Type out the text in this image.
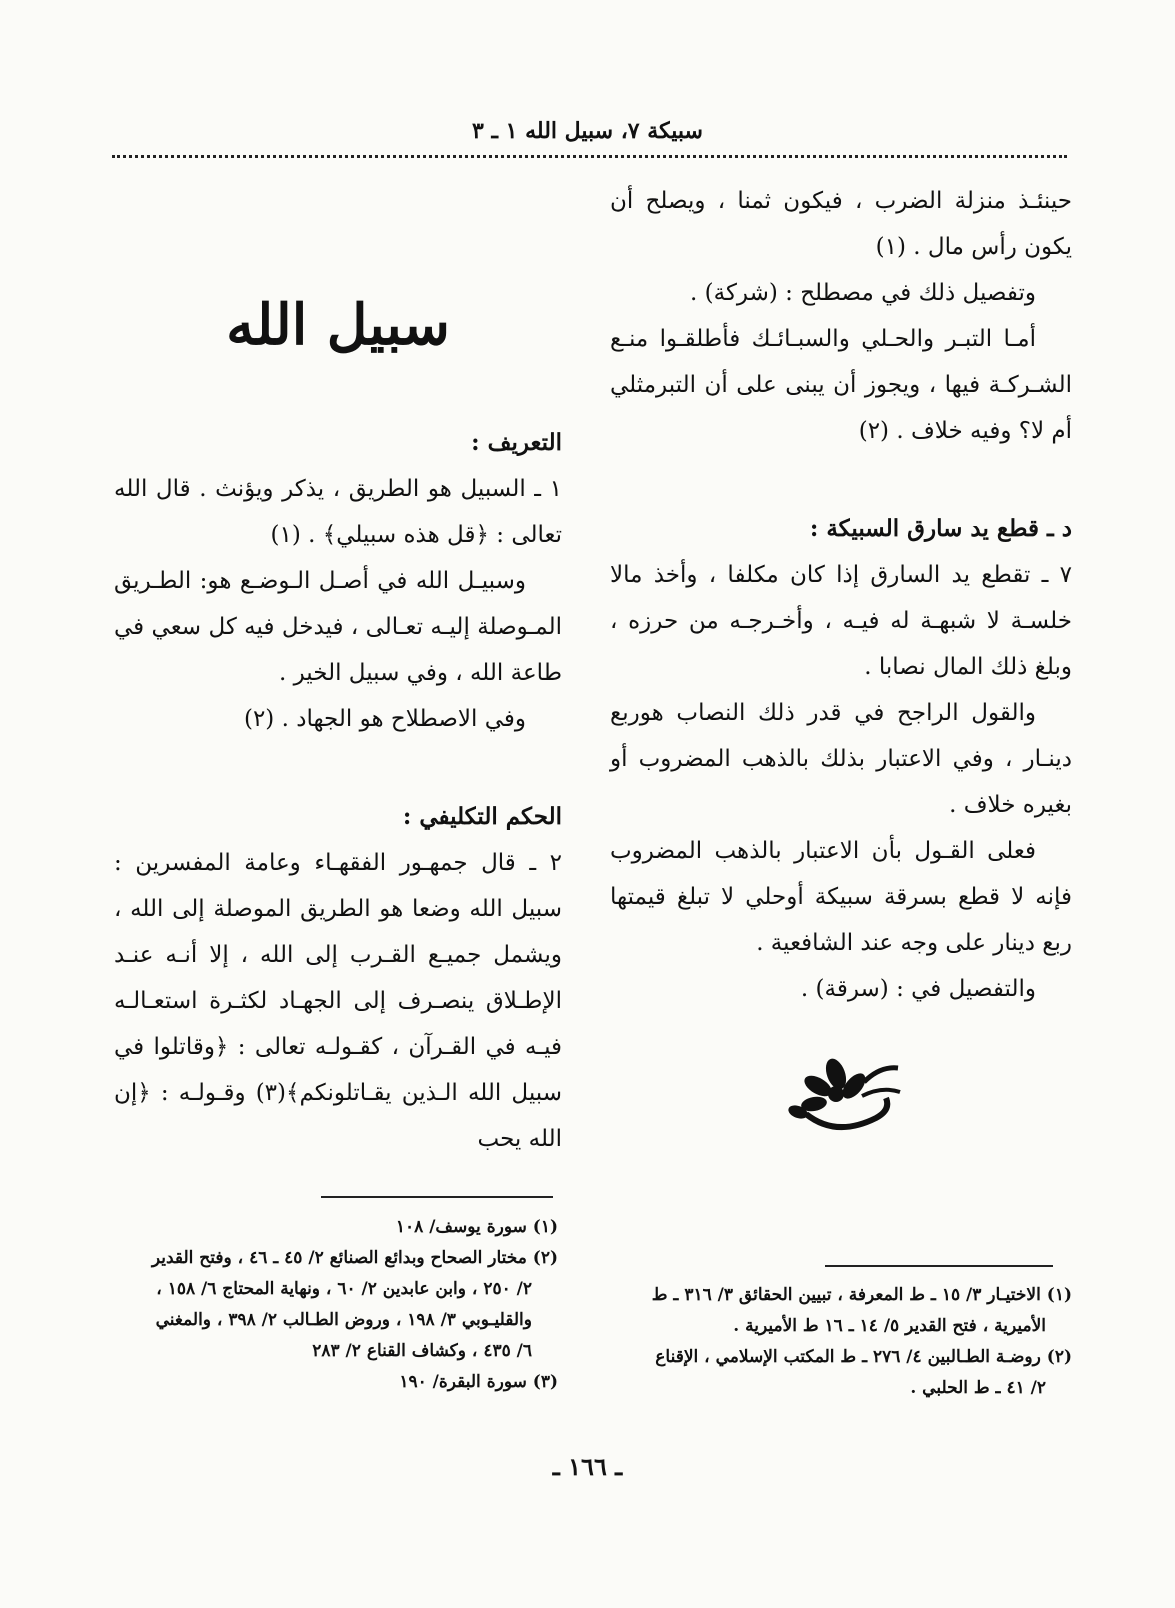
سبيكة ٧، سبيل الله ١ ـ ٣

حينئـذ منزلة الضرب ، فيكون ثمنا ، ويصلح أن يكون رأس مال . (١)

وتفصيل ذلك في مصطلح : (شركة) .

أمـا التبـر والحـلي والسبـائـك فأطلقـوا منـع الشـركـة فيها ، ويجوز أن يبنى على أن التبرمثلي أم لا؟ وفيه خلاف . (٢)

د ـ قطع يد سارق السبيكة :

٧ ـ تقطع يد السارق إذا كان مكلفا ، وأخذ مالا خلسـة لا شبهـة له فيـه ، وأخـرجـه من حرزه ، وبلغ ذلك المال نصابا .

والقول الراجح في قدر ذلك النصاب هوربع دينـار ، وفي الاعتبار بذلك بالذهب المضروب أو بغيره خلاف .

فعلى القـول بأن الاعتبار بالذهب المضروب فإنه لا قطع بسرقة سبيكة أوحلي لا تبلغ قيمتها ربع دينار على وجه عند الشافعية .

والتفصيل في : (سرقة) .

سبيل الله

التعريف :

١ ـ السبيل هو الطريق ، يذكر ويؤنث . قال الله تعالى : ﴿قل هذه سبيلي﴾ . (١)

وسبيـل الله في أصـل الـوضـع هو: الطـريق المـوصلة إليـه تعـالى ، فيدخل فيه كل سعي في طاعة الله ، وفي سبيل الخير .

وفي الاصطلاح هو الجهاد . (٢)

الحكم التكليفي :

٢ ـ قال جمهـور الفقهـاء وعامة المفسرين : سبيل الله وضعا هو الطريق الموصلة إلى الله ، ويشمل جميـع القـرب إلى الله ، إلا أنـه عنـد الإطـلاق ينصـرف إلى الجهـاد لكثـرة استعـالـه فيـه في القـرآن ، كقـولـه تعالى : ﴿وقاتلوا في سبيل الله الـذين يقـاتلونكم﴾(٣) وقـولـه : ﴿إن الله يحب

(١) سورة يوسف/ ١٠٨

(٢) مختار الصحاح وبدائع الصنائع ٢/ ٤٥ ـ ٤٦ ، وفتح القدير

٢/ ٢٥٠ ، وابن عابدين ٢/ ٦٠ ، ونهاية المحتاج ٦/ ١٥٨ ،

والقليـوبي ٣/ ١٩٨ ، وروض الطـالب ٢/ ٣٩٨ ، والمغني

٦/ ٤٣٥ ، وكشاف القناع ٢/ ٢٨٣

(٣) سورة البقرة/ ١٩٠

(١) الاختيـار ٣/ ١٥ ـ ط المعرفة ، تبيين الحقائق ٣/ ٣١٦ ـ ط

الأميرية ، فتح القدير ٥/ ١٤ ـ ١٦ ط الأميرية .

(٢) روضـة الطـالبين ٤/ ٢٧٦ ـ ط المكتب الإسلامي ، الإقناع

٢/ ٤١ ـ ط الحلبي .

ـ ١٦٦ ـ
